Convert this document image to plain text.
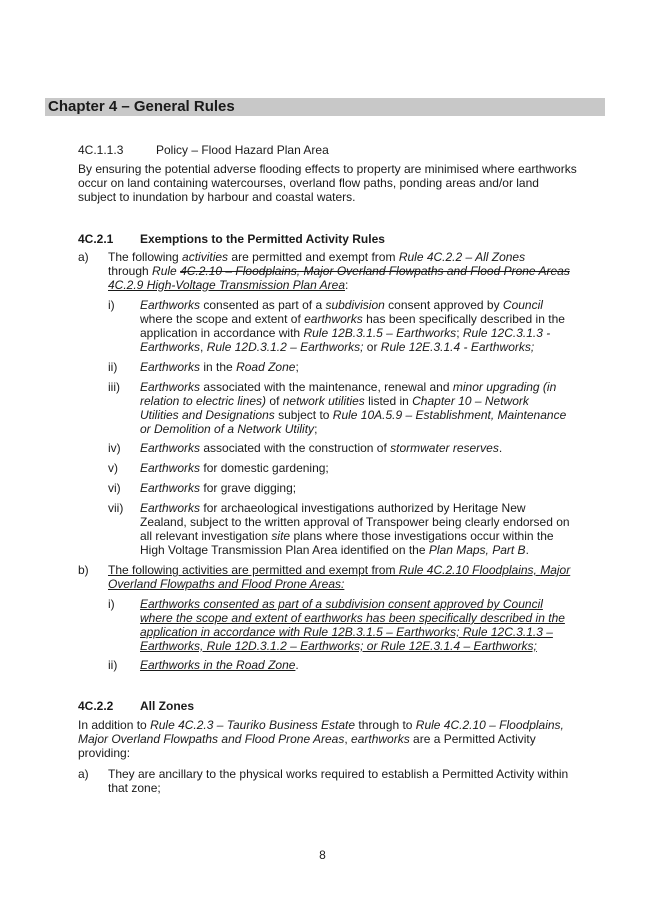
Chapter 4 – General Rules
4C.1.1.3	Policy – Flood Hazard Plan Area

By ensuring the potential adverse flooding effects to property are minimised where earthworks occur on land containing watercourses, overland flow paths, ponding areas and/or land subject to inundation by harbour and coastal waters.

4C.2.1 Exemptions to the Permitted Activity Rules
a) The following activities are permitted and exempt from Rule 4C.2.2 – All Zones
through Rule 4C.2.10 – Floodplains, Major Overland Flowpaths and Flood Prone Areas 4C.2.9 High-Voltage Transmission Plan Area:

i) Earthworks consented as part of a subdivision consent approved by Council where the scope and extent of earthworks has been specifically described in the application in accordance with Rule 12B.3.1.5 – Earthworks; Rule 12C.3.1.3 - Earthworks, Rule 12D.3.1.2 – Earthworks; or Rule 12E.3.1.4 - Earthworks;

ii) Earthworks in the Road Zone;

iii) Earthworks associated with the maintenance, renewal and minor upgrading (in relation to electric lines) of network utilities listed in Chapter 10 – Network Utilities and Designations subject to Rule 10A.5.9 – Establishment, Maintenance or Demolition of a Network Utility;

iv) Earthworks associated with the construction of stormwater reserves.

v) Earthworks for domestic gardening;

vi) Earthworks for grave digging;

vii) Earthworks for archaeological investigations authorized by Heritage New Zealand, subject to the written approval of Transpower being clearly endorsed on all relevant investigation site plans where those investigations occur within the High Voltage Transmission Plan Area identified on the Plan Maps, Part B.

b) The following activities are permitted and exempt from Rule 4C.2.10 Floodplains, Major Overland Flowpaths and Flood Prone Areas:

i) Earthworks consented as part of a subdivision consent approved by Council where the scope and extent of earthworks has been specifically described in the application in accordance with Rule 12B.3.1.5 – Earthworks; Rule 12C.3.1.3 – Earthworks, Rule 12D.3.1.2 – Earthworks; or Rule 12E.3.1.4 – Earthworks;

ii) Earthworks in the Road Zone.

4C.2.2 All Zones

In addition to Rule 4C.2.3 – Tauriko Business Estate through to Rule 4C.2.10 – Floodplains, Major Overland Flowpaths and Flood Prone Areas, earthworks are a Permitted Activity providing:

a) They are ancillary to the physical works required to establish a Permitted Activity within that zone;

8
